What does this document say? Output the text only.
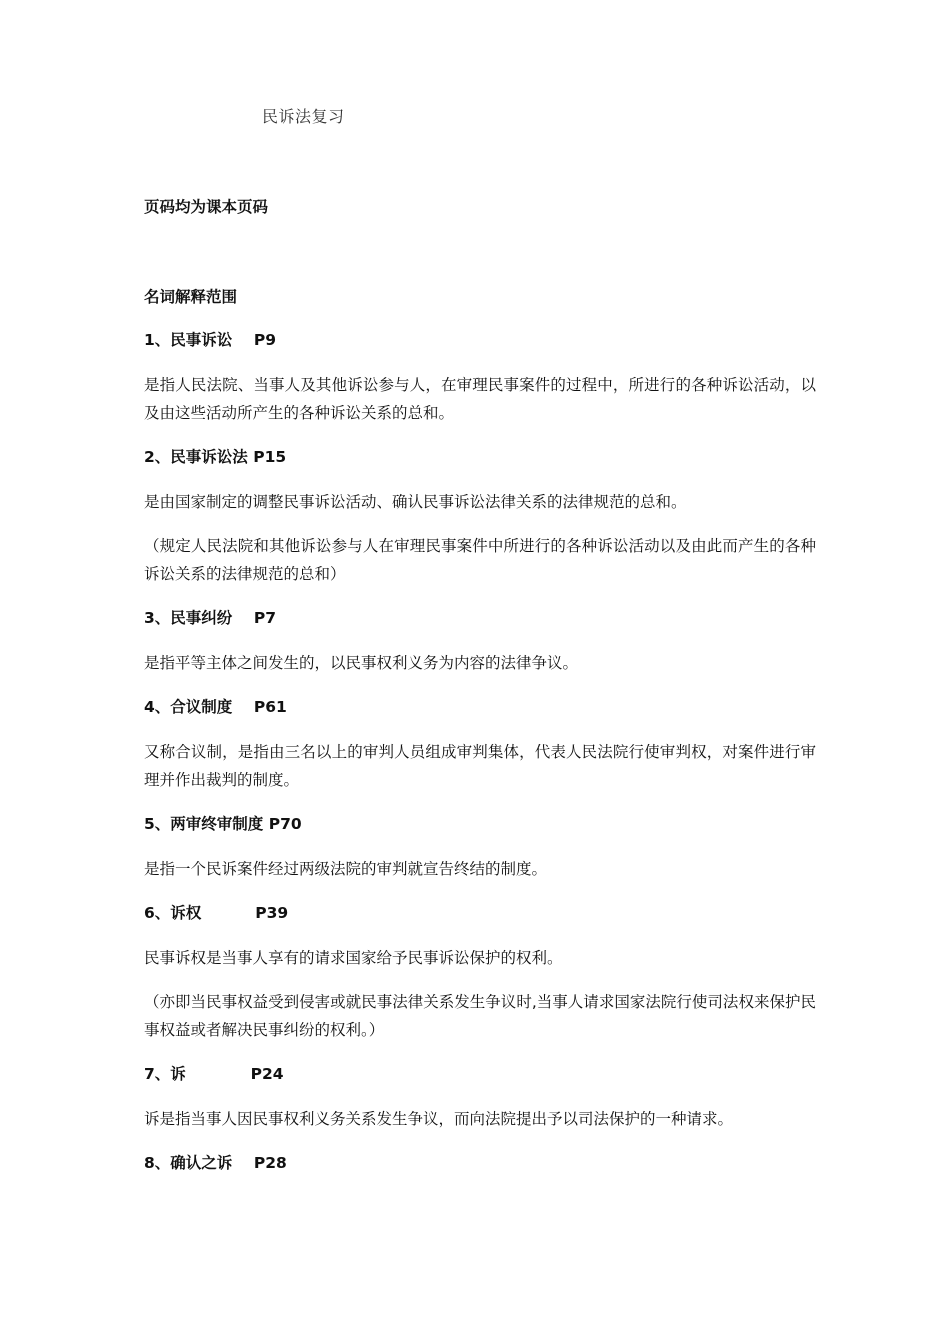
民诉法复习
页码均为课本页码
名词解释范围
1、民事诉讼 P9
是指人民法院、当事人及其他诉讼参与人，在审理民事案件的过程中，所进行的各种诉讼活动，以及由这些活动所产生的各种诉讼关系的总和。
2、民事诉讼法 P15
是由国家制定的调整民事诉讼活动、确认民事诉讼法律关系的法律规范的总和。
（规定人民法院和其他诉讼参与人在审理民事案件中所进行的各种诉讼活动以及由此而产生的各种诉讼关系的法律规范的总和）
3、民事纠纷 P7
是指平等主体之间发生的，以民事权利义务为内容的法律争议。
4、合议制度 P61
又称合议制，是指由三名以上的审判人员组成审判集体，代表人民法院行使审判权，对案件进行审理并作出裁判的制度。
5、两审终审制度 P70
是指一个民诉案件经过两级法院的审判就宣告终结的制度。
6、诉权	P39
民事诉权是当事人享有的请求国家给予民事诉讼保护的权利。
（亦即当民事权益受到侵害或就民事法律关系发生争议时,当事人请求国家法院行使司法权来保护民事权益或者解决民事纠纷的权利。）
7、诉	P24
诉是指当事人因民事权利义务关系发生争议，而向法院提出予以司法保护的一种请求。
8、确认之诉 P28
